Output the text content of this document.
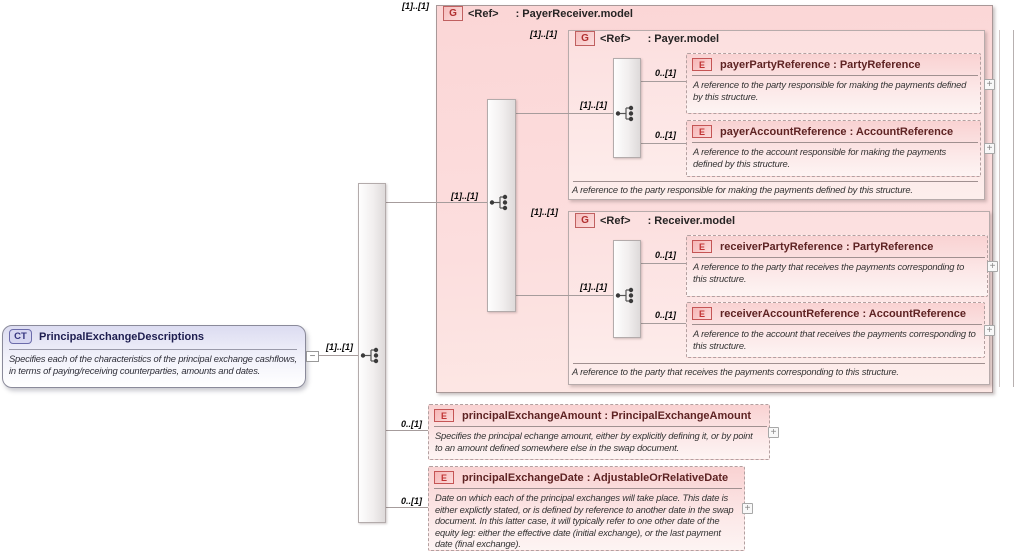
G	<Ref> : PayerReceiver.model
G	<Ref> : Payer.model
G	<Ref> : Receiver.model
A reference to the party responsible for making the payments defined by this structure.
A reference to the party that receives the payments corresponding to this structure.
CT	PrincipalExchangeDescriptions
Specifies each of the characteristics of the principal exchange cashflows, in terms of paying/receiving counterparties, amounts and dates.
E	payerPartyReference : PartyReference
A reference to the party responsible for making the payments defined by this structure.
E	payerAccountReference : AccountReference
A reference to the account responsible for making the payments defined by this structure.
E	receiverPartyReference : PartyReference
A reference to the party that receives the payments corresponding to this structure.
E	receiverAccountReference : AccountReference
A reference to the account that receives the payments corresponding to this structure.
E	principalExchangeAmount : PrincipalExchangeAmount
Specifies the principal echange amount, either by explicitly defining it, or by point to an amount defined somewhere else in the swap document.
E	principalExchangeDate : AdjustableOrRelativeDate
Date on which each of the principal exchanges will take place. This date is either explictly stated, or is defined by reference to another date in the swap document. In this latter case, it will typically refer to one other date of the equity leg: either the effective date (initial exchange), or the last payment date (final exchange).
[1]..[1]
[1]..[1]
[1]..[1]
[1]..[1]
[1]..[1]
[1]..[1]
[1]..[1]
0..[1]
0..[1]
0..[1]
0..[1]
0..[1]
0..[1]
−
+
+
+
+
+
+
